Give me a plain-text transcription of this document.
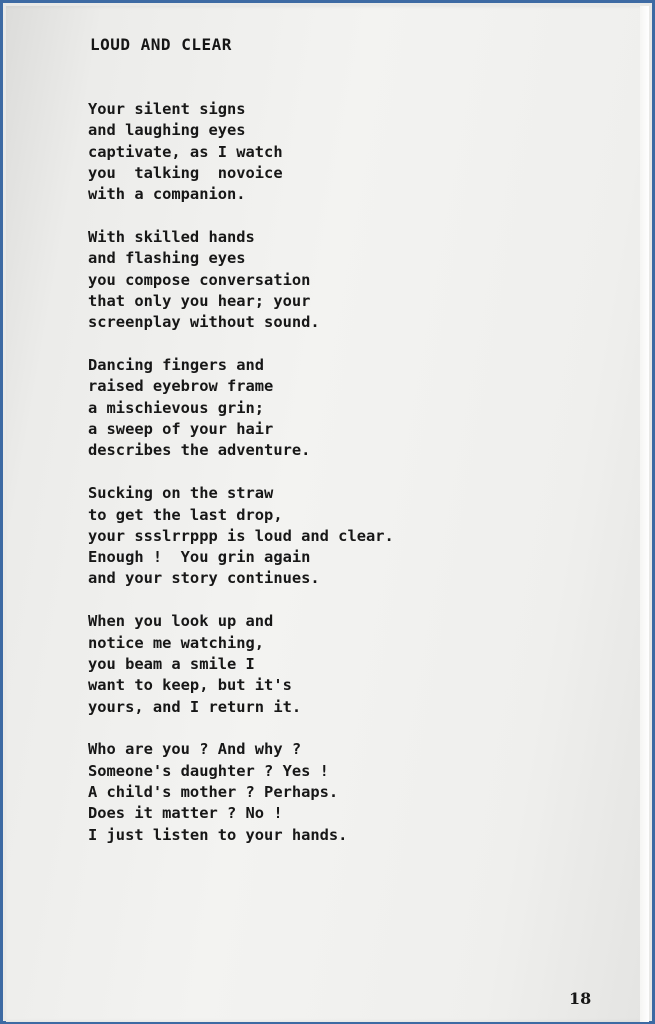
LOUD AND CLEAR
Your silent signs
and laughing eyes
captivate, as I watch
you  talking  novoice
with a companion.
With skilled hands
and flashing eyes
you compose conversation
that only you hear; your
screenplay without sound.
Dancing fingers and
raised eyebrow frame
a mischievous grin;
a sweep of your hair
describes the adventure.
Sucking on the straw
to get the last drop,
your ssslrrppp is loud and clear.
Enough !  You grin again
and your story continues.
When you look up and
notice me watching,
you beam a smile I
want to keep, but it's
yours, and I return it.
Who are you ? And why ?
Someone's daughter ? Yes !
A child's mother ? Perhaps.
Does it matter ? No !
I just listen to your hands.
18
